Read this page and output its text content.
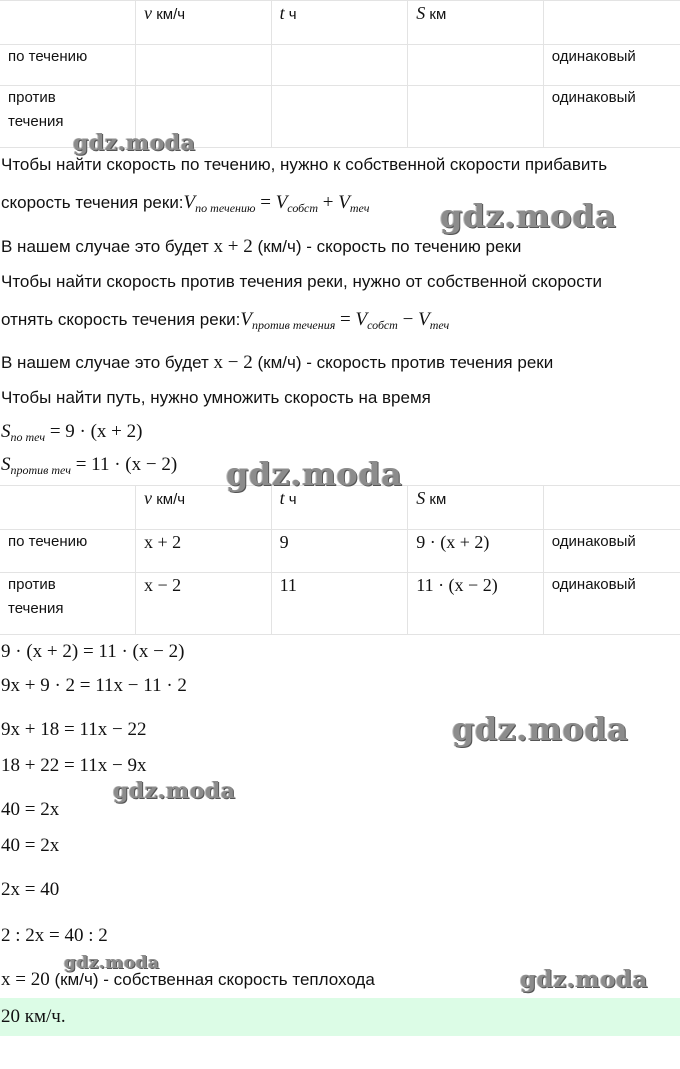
	v км/ч	t ч	S км	
по течению				одинаковый
против
течения				одинаковый
Чтобы найти скорость по течению, нужно к собственной скорости прибавить
скорость течения $реки:V_{по течению} = V_{собст} + V_{теч}$
В нашем случае это будет x + 2 (км/ч) - скорость по течению реки
Чтобы найти скорость против течения реки, нужно от собственной скорости
отнять скорость течения $реки:V_{против течения} = V_{собст} - V_{теч}$
В нашем случае это будет x − 2 (км/ч) - скорость против течения реки
Чтобы найти путь, нужно умножить скорость на время
$S_{по теч} = 9 \cdot (x + 2)$
$S_{против теч} = 11 \cdot (x - 2)$
	v км/ч	t ч	S км	
по течению	x + 2	9	9 · (x + 2)	одинаковый
против
течения	x − 2	11	11 · (x − 2)	одинаковый
9 · (x + 2) = 11 · (x − 2)
9x + 9 · 2 = 11x − 11 · 2
9x + 18 = 11x − 22
18 + 22 = 11x − 9x
40 = 2x
40 = 2x
2x = 40
2 : 2x = 40 : 2
x = 20 (км/ч) - собственная скорость теплохода
20 км/ч.
gdz.moda
gdz.moda
gdz.moda
gdz.moda
gdz.moda
gdz.moda
gdz.moda
